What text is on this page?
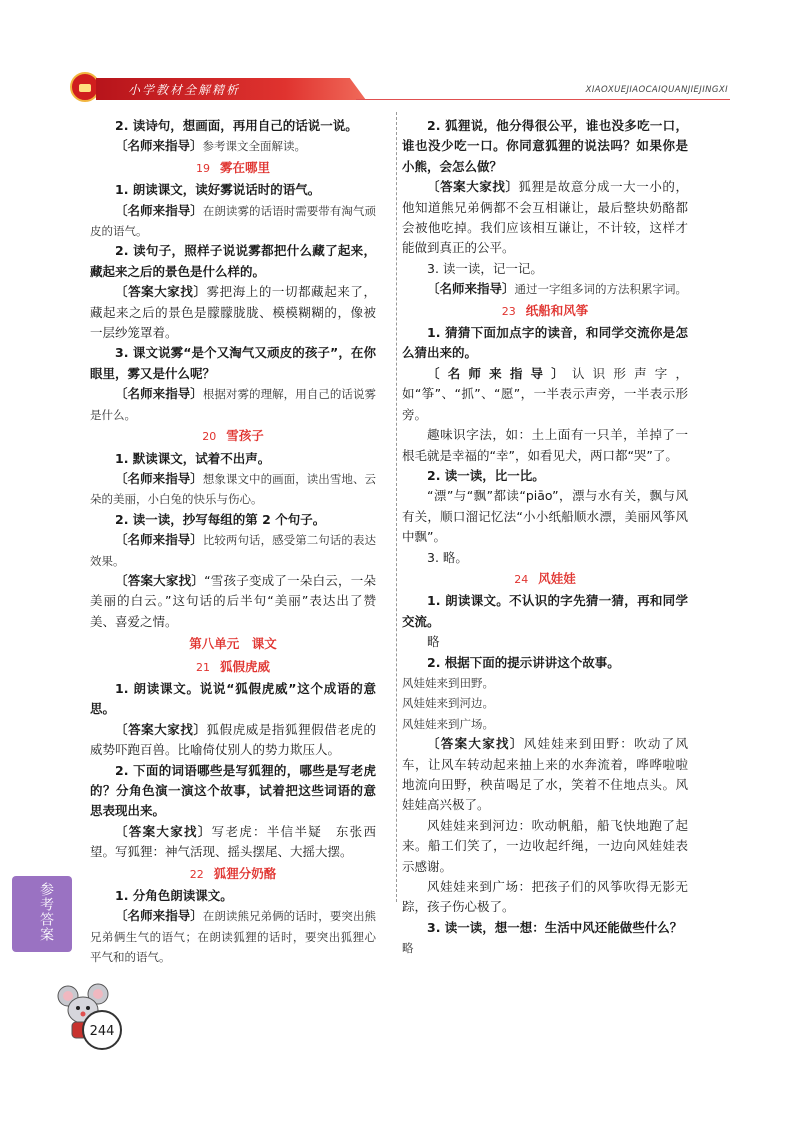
小学教材全解精析	XIAOXUEJIAOCAIQUANJIEJINGXI

2. 读诗句，想画面，再用自己的话说一说。

〔名师来指导〕参考课文全面解读。

19 雾在哪里

1. 朗读课文，读好雾说话时的语气。

〔名师来指导〕在朗读雾的话语时需要带有淘气顽皮的语气。

2. 读句子，照样子说说雾都把什么藏了起来，藏起来之后的景色是什么样的。

〔答案大家找〕雾把海上的一切都藏起来了，藏起来之后的景色是朦朦胧胧、模模糊糊的，像被一层纱笼罩着。

3. 课文说雾“是个又淘气又顽皮的孩子”，在你眼里，雾又是什么呢？

〔名师来指导〕根据对雾的理解，用自己的话说雾是什么。

20 雪孩子

1. 默读课文，试着不出声。

〔名师来指导〕想象课文中的画面，读出雪地、云朵的美丽，小白兔的快乐与伤心。

2. 读一读，抄写每组的第 2 个句子。

〔名师来指导〕比较两句话，感受第二句话的表达效果。

〔答案大家找〕“雪孩子变成了一朵白云，一朵美丽的白云。”这句话的后半句“美丽”表达出了赞美、喜爱之情。

第八单元　课文
21 狐假虎威

1. 朗读课文。说说“狐假虎威”这个成语的意思。

〔答案大家找〕狐假虎威是指狐狸假借老虎的威势吓跑百兽。比喻倚仗别人的势力欺压人。

2. 下面的词语哪些是写狐狸的，哪些是写老虎的？分角色演一演这个故事，试着把这些词语的意思表现出来。

〔答案大家找〕写老虎：半信半疑　东张西望。写狐狸：神气活现、摇头摆尾、大摇大摆。

22 狐狸分奶酪

1. 分角色朗读课文。

〔名师来指导〕在朗读熊兄弟俩的话时，要突出熊兄弟俩生气的语气；在朗读狐狸的话时，要突出狐狸心平气和的语气。

2. 狐狸说，他分得很公平，谁也没多吃一口，谁也没少吃一口。你同意狐狸的说法吗？如果你是小熊，会怎么做？

〔答案大家找〕狐狸是故意分成一大一小的，他知道熊兄弟俩都不会互相谦让，最后整块奶酪都会被他吃掉。我们应该相互谦让，不计较，这样才能做到真正的公平。

3. 读一读，记一记。

〔名师来指导〕通过一字组多词的方法积累字词。

23 纸船和风筝

1. 猜猜下面加点字的读音，和同学交流你是怎么猜出来的。

〔名师来指导〕认识形声字，如“筝”、“抓”、“愿”，一半表示声旁，一半表示形旁。

趣味识字法，如：土上面有一只羊，羊掉了一根毛就是幸福的“幸”，如看见犬，两口都“哭”了。

2. 读一读，比一比。

“漂”与“飘”都读“piāo”，漂与水有关，飘与风有关，顺口溜记忆法“小小纸船顺水漂，美丽风筝风中飘”。

3. 略。

24 风娃娃

1. 朗读课文。不认识的字先猜一猜，再和同学交流。

略

2. 根据下面的提示讲讲这个故事。

风娃娃来到田野。
风娃娃来到河边。
风娃娃来到广场。

〔答案大家找〕风娃娃来到田野：吹动了风车，让风车转动起来抽上来的水奔流着，哗哗啦啦地流向田野，秧苗喝足了水，笑着不住地点头。风娃娃高兴极了。

风娃娃来到河边：吹动帆船，船飞快地跑了起来。船工们笑了，一边收起纤绳，一边向风娃娃表示感谢。

风娃娃来到广场：把孩子们的风筝吹得无影无踪，孩子伤心极了。

3. 读一读，想一想：生活中风还能做些什么？

略
参考答案
244
